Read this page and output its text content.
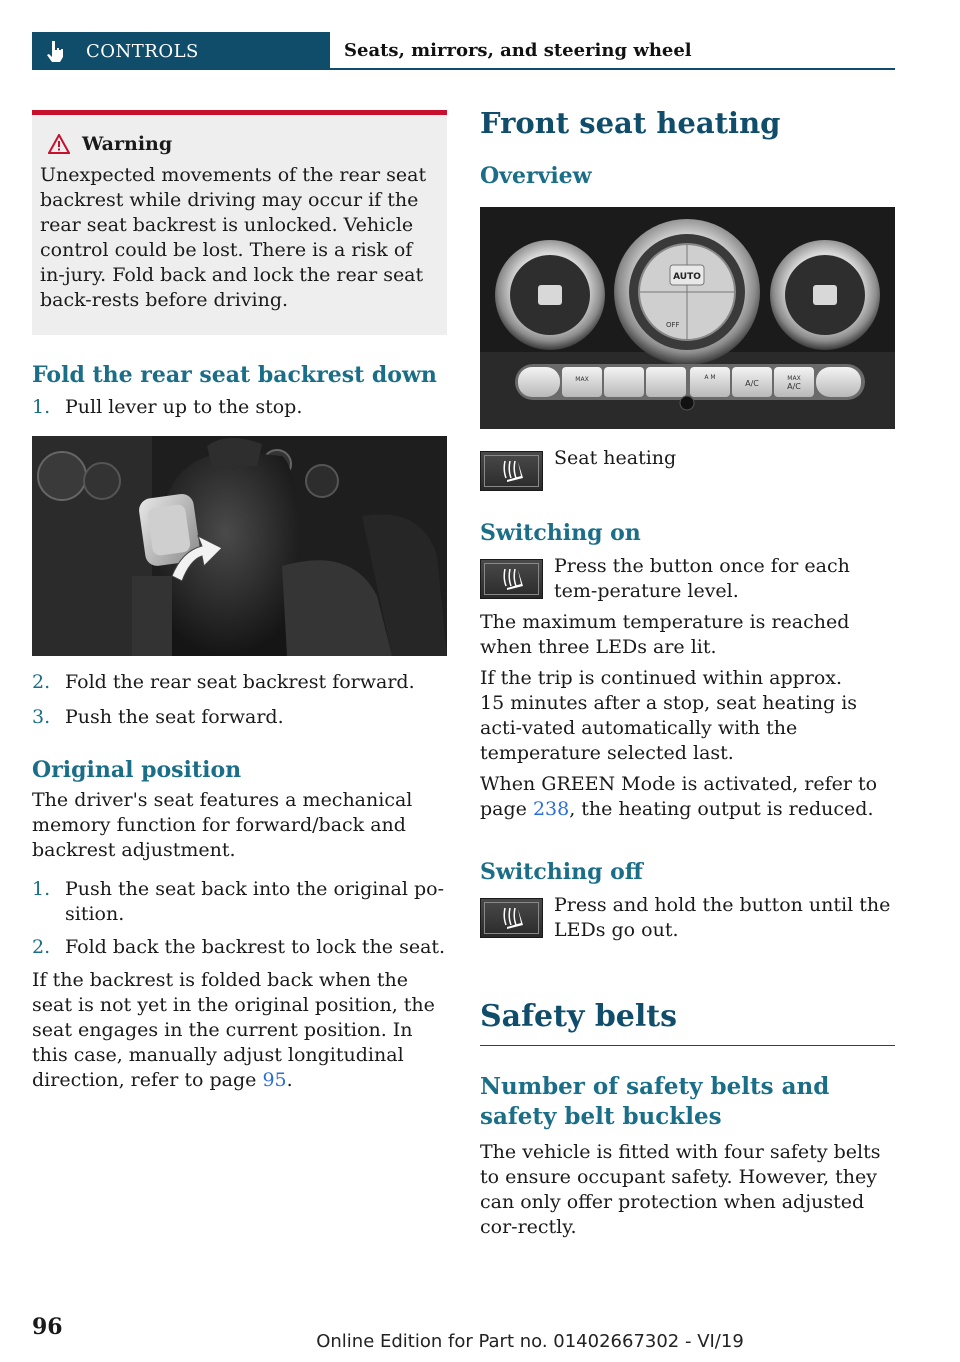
CONTROLS	Seats, mirrors, and steering wheel
Warning

Unexpected movements of the rear seat backrest while driving may occur if the rear seat backrest is unlocked. Vehicle control could be lost. There is a risk of in-jury. Fold back and lock the rear seat back-rests before driving.

Fold the rear seat backrest down
1. Pull lever up to the stop.
2. Fold the rear seat backrest forward.
3. Push the seat forward.
Original position

The driver's seat features a mechanical memory function for forward/back and backrest adjustment.

1. Push the seat back into the original po-sition.
2. Fold back the backrest to lock the seat.

If the backrest is folded back when the seat is not yet in the original position, the seat engages in the current position. In this case, manually adjust longitudinal direction, refer to page 95.

Front seat heating
Overview
AUTO
OFF
MAX	A M
A/C
MAX
A/C

Seat heating

Switching on

Press the button once for each tem-perature level.

The maximum temperature is reached when three LEDs are lit.

If the trip is continued within approx.
15 minutes after a stop, seat heating is acti-vated automatically with the temperature selected last.

When GREEN Mode is activated, refer to page 238, the heating output is reduced.

Switching off

Press and hold the button until the LEDs go out.

Safety belts
Number of safety belts and safety belt buckles

The vehicle is fitted with four safety belts to ensure occupant safety. However, they can only offer protection when adjusted cor-rectly.

96
Online Edition for Part no. 01402667302 - VI/19
